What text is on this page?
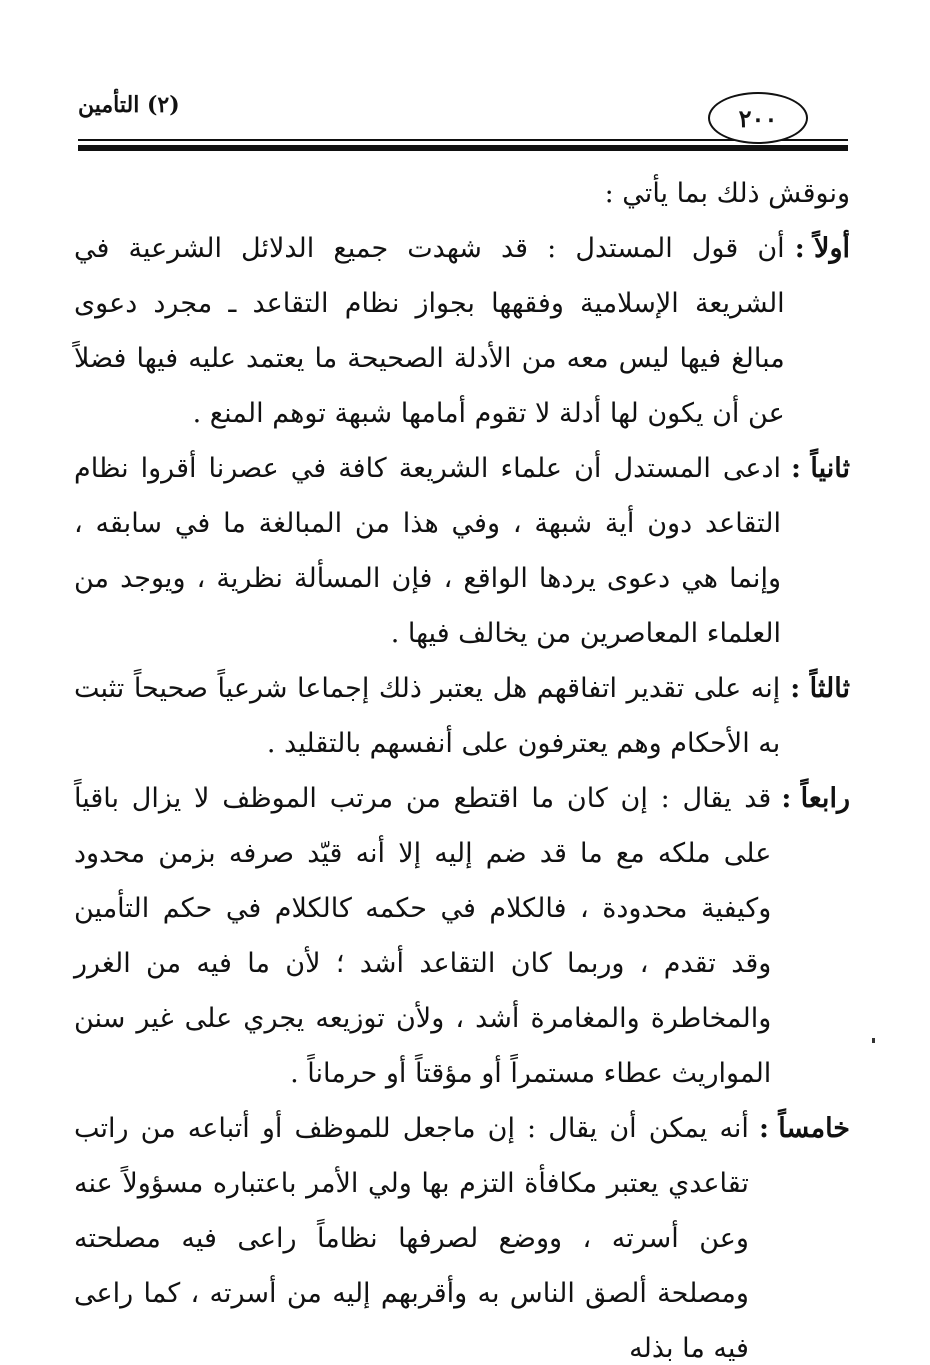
(٢) التأمين	٢٠٠
ونوقش ذلك بما يأتي :
أولاً :
أن قول المستدل : قد شهدت جميع الدلائل الشرعية في الشريعة الإسلامية وفقهها بجواز نظام التقاعد ـ مجرد دعوى مبالغ فيها ليس معه من الأدلة الصحيحة ما يعتمد عليه فيها فضلاً عن أن يكون لها أدلة لا تقوم أمامها شبهة توهم المنع .
ثانياً :
ادعى المستدل أن علماء الشريعة كافة في عصرنا أقروا نظام التقاعد دون أية شبهة ، وفي هذا من المبالغة ما في سابقه ، وإنما هي دعوى يردها الواقع ، فإن المسألة نظرية ، ويوجد من العلماء المعاصرين من يخالف فيها .
ثالثاً :
إنه على تقدير اتفاقهم هل يعتبر ذلك إجماعا شرعياً صحيحاً تثبت به الأحكام وهم يعترفون على أنفسهم بالتقليد .
رابعاً :
قد يقال : إن كان ما اقتطع من مرتب الموظف لا يزال باقياً على ملكه مع ما قد ضم إليه إلا أنه قيّد صرفه بزمن محدود وكيفية محدودة ، فالكلام في حكمه كالكلام في حكم التأمين وقد تقدم ، وربما كان التقاعد أشد ؛ لأن ما فيه من الغرر والمخاطرة والمغامرة أشد ، ولأن توزيعه يجري على غير سنن المواريث عطاء مستمراً أو مؤقتاً أو حرماناً .
خامساً :
أنه يمكن أن يقال : إن ماجعل للموظف أو أتباعه من راتب تقاعدي يعتبر مكافأة التزم بها ولي الأمر باعتباره مسؤولاً عنه وعن أسرته ، ووضع لصرفها نظاماً راعى فيه مصلحته ومصلحة ألصق الناس به وأقربهم إليه من أسرته ، كما راعى فيه ما بذله
